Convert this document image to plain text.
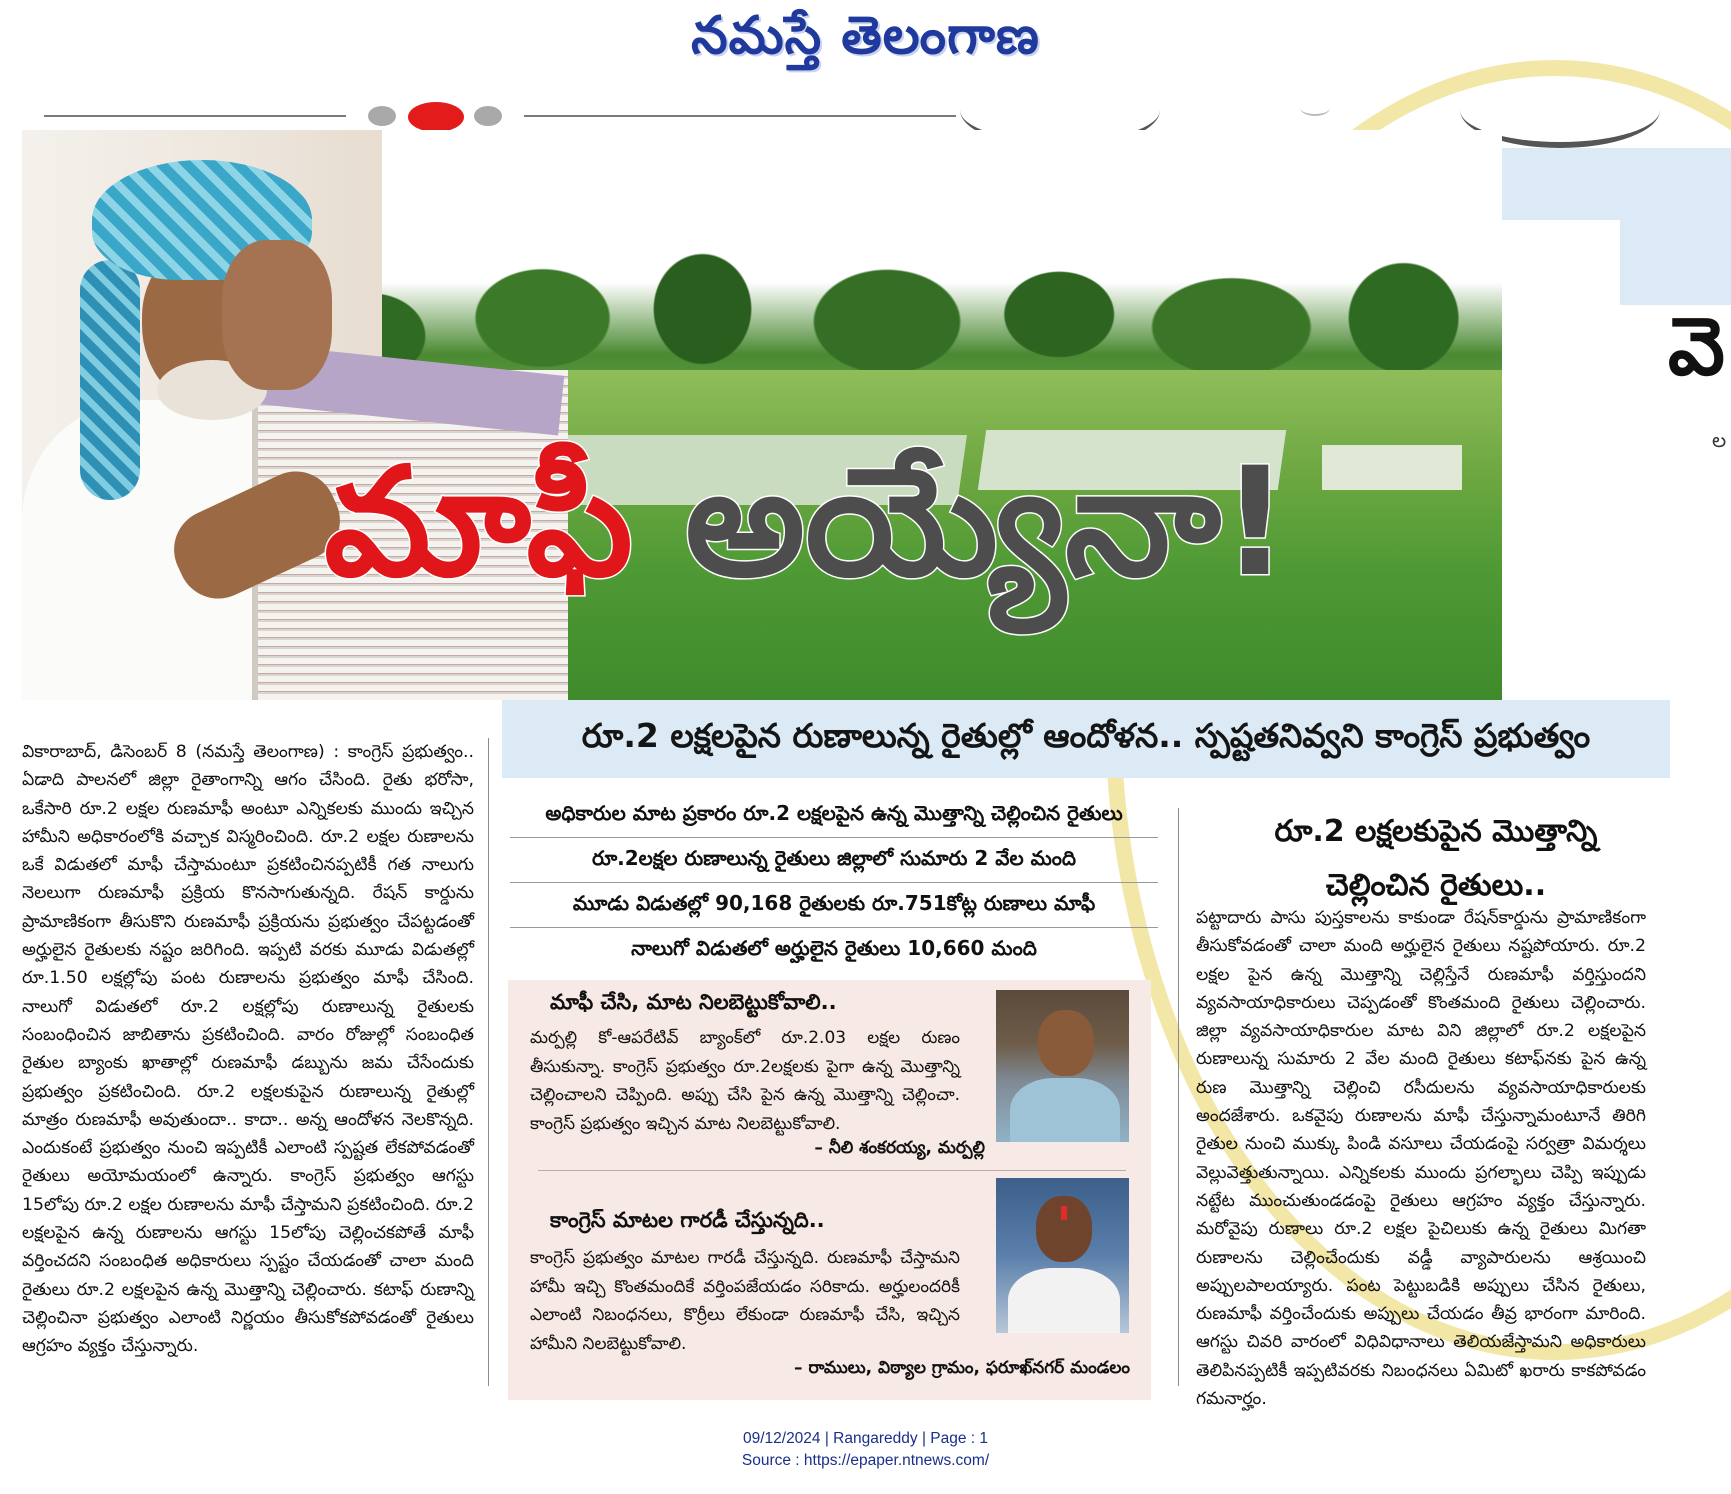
వె
ల
నమస్తే తెలంగాణ
మాఫీ అయ్యేనా!
రూ.2 లక్షలపైన రుణాలున్న రైతుల్లో ఆందోళన.. స్పష్టతనివ్వని కాంగ్రెస్ ప్రభుత్వం
వికారాబాద్, డిసెంబర్ 8 (నమస్తే తెలంగాణ) : కాంగ్రెస్ ప్రభుత్వం.. ఏడాది పాలనలో జిల్లా రైతాంగాన్ని ఆగం చేసింది. రైతు భరోసా, ఒకేసారి రూ.2 లక్షల రుణమాఫీ అంటూ ఎన్నికలకు ముందు ఇచ్చిన హామీని అధికారంలోకి వచ్చాక విస్మరించింది. రూ.2 లక్షల రుణాలను ఒకే విడుతలో మాఫీ చేస్తామంటూ ప్రకటించినప్పటికీ గత నాలుగు నెలలుగా రుణమాఫీ ప్రక్రియ కొనసాగుతున్నది. రేషన్ కార్డును ప్రామాణికంగా తీసుకొని రుణమాఫీ ప్రక్రియను ప్రభుత్వం చేపట్టడంతో అర్హులైన రైతులకు నష్టం జరిగింది. ఇప్పటి వరకు మూడు విడుతల్లో రూ.1.50 లక్షల్లోపు పంట రుణాలను ప్రభుత్వం మాఫీ చేసింది. నాలుగో విడుతలో రూ.2 లక్షల్లోపు రుణాలున్న రైతులకు సంబంధించిన జాబితాను ప్రకటించింది. వారం రోజుల్లో సంబంధిత రైతుల బ్యాంకు ఖాతాల్లో రుణమాఫీ డబ్బును జమ చేసేందుకు ప్రభుత్వం ప్రకటించింది. రూ.2 లక్షలకుపైన రుణాలున్న రైతుల్లో మాత్రం రుణమాఫీ అవుతుందా.. కాదా.. అన్న ఆందోళన నెలకొన్నది. ఎందుకంటే ప్రభుత్వం నుంచి ఇప్పటికీ ఎలాంటి స్పష్టత లేకపోవడంతో రైతులు అయోమయంలో ఉన్నారు. కాంగ్రెస్ ప్రభుత్వం ఆగస్టు 15లోపు రూ.2 లక్షల రుణాలను మాఫీ చేస్తామని ప్రకటించింది. రూ.2 లక్షలపైన ఉన్న రుణాలను ఆగస్టు 15లోపు చెల్లించకపోతే మాఫీ వర్తించదని సంబంధిత అధికారులు స్పష్టం చేయడంతో చాలా మంది రైతులు రూ.2 లక్షలపైన ఉన్న మొత్తాన్ని చెల్లించారు. కటాఫ్ రుణాన్ని చెల్లించినా ప్రభుత్వం ఎలాంటి నిర్ణయం తీసుకోకపోవడంతో రైతులు ఆగ్రహం వ్యక్తం చేస్తున్నారు.
అధికారుల మాట ప్రకారం రూ.2 లక్షలపైన ఉన్న మొత్తాన్ని చెల్లించిన రైతులు
రూ.2లక్షల రుణాలున్న రైతులు జిల్లాలో సుమారు 2 వేల మంది
మూడు విడుతల్లో 90,168 రైతులకు రూ.751కోట్ల రుణాలు మాఫీ
నాలుగో విడుతలో అర్హులైన రైతులు 10,660 మంది
మాఫీ చేసి, మాట నిలబెట్టుకోవాలి..
మర్పల్లి కో-ఆపరేటివ్ బ్యాంక్‌లో రూ.2.03 లక్షల రుణం తీసుకున్నా. కాంగ్రెస్ ప్రభుత్వం రూ.2లక్షలకు పైగా ఉన్న మొత్తాన్ని చెల్లించాలని చెప్పింది. అప్పు చేసి పైన ఉన్న మొత్తాన్ని చెల్లించా. కాంగ్రెస్ ప్రభుత్వం ఇచ్చిన మాట నిలబెట్టుకోవాలి.
– నీలి శంకరయ్య, మర్పల్లి
కాంగ్రెస్ మాటల గారడీ చేస్తున్నది..
కాంగ్రెస్ ప్రభుత్వం మాటల గారడీ చేస్తున్నది. రుణమాఫీ చేస్తామని హామీ ఇచ్చి కొంతమందికే వర్తింపజేయడం సరికాదు. అర్హులందరికీ ఎలాంటి నిబంధనలు, కొర్రీలు లేకుండా రుణమాఫీ చేసి, ఇచ్చిన హామీని నిలబెట్టుకోవాలి.
– రాములు, విఠ్యాల గ్రామం, ఫరూఖ్‌నగర్ మండలం
రూ.2 లక్షలకుపైన మొత్తాన్ని
చెల్లించిన రైతులు..
పట్టాదారు పాసు పుస్తకాలను కాకుండా రేషన్‌కార్డును ప్రామాణికంగా తీసుకోవడంతో చాలా మంది అర్హులైన రైతులు నష్టపోయారు. రూ.2 లక్షల పైన ఉన్న మొత్తాన్ని చెల్లిస్తేనే రుణమాఫీ వర్తిస్తుందని వ్యవసాయాధికారులు చెప్పడంతో కొంతమంది రైతులు చెల్లించారు. జిల్లా వ్యవసాయాధికారుల మాట విని జిల్లాలో రూ.2 లక్షలపైన రుణాలున్న సుమారు 2 వేల మంది రైతులు కటాఫ్‌నకు పైన ఉన్న రుణ మొత్తాన్ని చెల్లించి రసీదులను వ్యవసాయాధికారులకు అందజేశారు. ఒకవైపు రుణాలను మాఫీ చేస్తున్నామంటూనే తిరిగి రైతుల నుంచి ముక్కు పిండి వసూలు చేయడంపై సర్వత్రా విమర్శలు వెల్లువెత్తుతున్నాయి. ఎన్నికలకు ముందు ప్రగల్భాలు చెప్పి ఇప్పుడు నట్టేట ముంచుతుండడంపై రైతులు ఆగ్రహం వ్యక్తం చేస్తున్నారు. మరోవైపు రుణాలు రూ.2 లక్షల పైచిలుకు ఉన్న రైతులు మిగతా రుణాలను చెల్లించేందుకు వడ్డీ వ్యాపారులను ఆశ్రయించి అప్పులపాలయ్యారు. పంట పెట్టుబడికి అప్పులు చేసిన రైతులు, రుణమాఫీ వర్తించేందుకు అప్పులు చేయడం తీవ్ర భారంగా మారింది. ఆగస్టు చివరి వారంలో విధివిధానాలు తెలియజేస్తామని అధికారులు తెలిపినప్పటికీ ఇప్పటివరకు నిబంధనలు ఏమిటో ఖరారు కాకపోవడం గమనార్హం.
09/12/2024 | Rangareddy | Page : 1
Source : https://epaper.ntnews.com/
